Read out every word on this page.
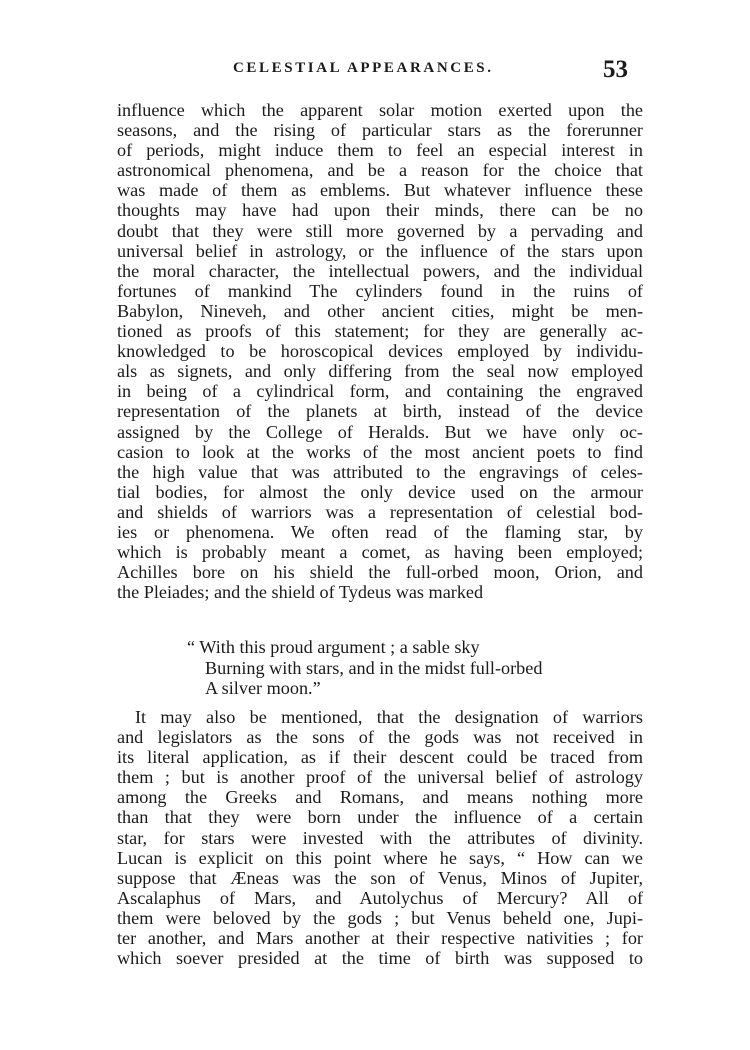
CELESTIAL APPEARANCES.	53
influence which the apparent solar motion exerted upon the
seasons, and the rising of particular stars as the forerunner
of periods, might induce them to feel an especial interest in
astronomical phenomena, and be a reason for the choice that
was made of them as emblems. But whatever influence these
thoughts may have had upon their minds, there can be no
doubt that they were still more governed by a pervading and
universal belief in astrology, or the influence of the stars upon
the moral character, the intellectual powers, and the individual
fortunes of mankind The cylinders found in the ruins of
Babylon, Nineveh, and other ancient cities, might be men-
tioned as proofs of this statement; for they are generally ac-
knowledged to be horoscopical devices employed by individu-
als as signets, and only differing from the seal now employed
in being of a cylindrical form, and containing the engraved
representation of the planets at birth, instead of the device
assigned by the College of Heralds. But we have only oc-
casion to look at the works of the most ancient poets to find
the high value that was attributed to the engravings of celes-
tial bodies, for almost the only device used on the armour
and shields of warriors was a representation of celestial bod-
ies or phenomena. We often read of the flaming star, by
which is probably meant a comet, as having been employed;
Achilles bore on his shield the full-orbed moon, Orion, and
the Pleiades; and the shield of Tydeus was marked
“ With this proud argument ; a sable sky
Burning with stars, and in the midst full-orbed
A silver moon.”
It may also be mentioned, that the designation of warriors
and legislators as the sons of the gods was not received in
its literal application, as if their descent could be traced from
them ; but is another proof of the universal belief of astrology
among the Greeks and Romans, and means nothing more
than that they were born under the influence of a certain
star, for stars were invested with the attributes of divinity.
Lucan is explicit on this point where he says, “ How can we
suppose that Æneas was the son of Venus, Minos of Jupiter,
Ascalaphus of Mars, and Autolychus of Mercury? All of
them were beloved by the gods ; but Venus beheld one, Jupi-
ter another, and Mars another at their respective nativities ; for
which soever presided at the time of birth was supposed to
